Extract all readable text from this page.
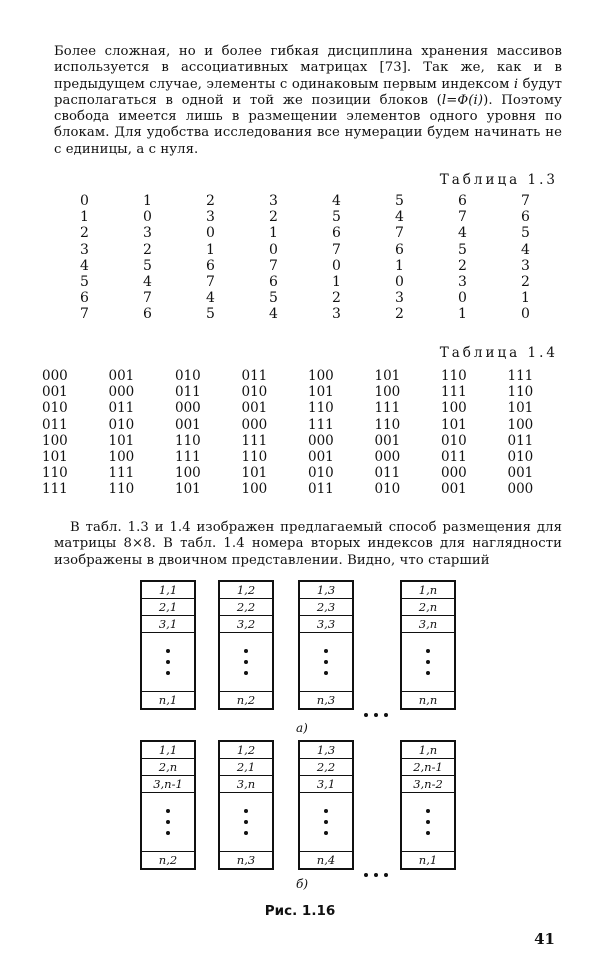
Более сложная, но и более гибкая дисциплина хранения массивов используется в ассоциативных матрицах [73]. Так же, как и в предыдущем случае, элементы с одинаковым первым индексом i будут располагаться в одной и той же позиции блоков (l=Φ(i)). Поэтому свобода имеется лишь в размещении элементов одного уровня по блокам. Для удобства исследования все нумерации будем начинать не с единицы, а с нуля.
Таблица 1.3
0	1	2	3	4	5	6	7
1	0	3	2	5	4	7	6
2	3	0	1	6	7	4	5
3	2	1	0	7	6	5	4
4	5	6	7	0	1	2	3
5	4	7	6	1	0	3	2
6	7	4	5	2	3	0	1
7	6	5	4	3	2	1	0
Таблица 1.4
000	001	010	011	100	101	110	111
001	000	011	010	101	100	111	110
010	011	000	001	110	111	100	101
011	010	001	000	111	110	101	100
100	101	110	111	000	001	010	011
101	100	111	110	001	000	011	010
110	111	100	101	010	011	000	001
111	110	101	100	011	010	001	000
В табл. 1.3 и 1.4 изображен предлагаемый способ размещения для матрицы 8×8. В табл. 1.4 номера вторых индексов для наглядности изображены в двоичном представлении. Видно, что старший
1,1
2,1
3,1
n,1
1,2
2,2
3,2
n,2
1,3
2,3
3,3
n,3
1,n
2,n
3,n
n,n
1,1
2,n
3,n-1
n,2
1,2
2,1
3,n
n,3
1,3
2,2
3,1
n,4
1,n
2,n-1
3,n-2
n,1
а)
б)
Рис. 1.16
41
